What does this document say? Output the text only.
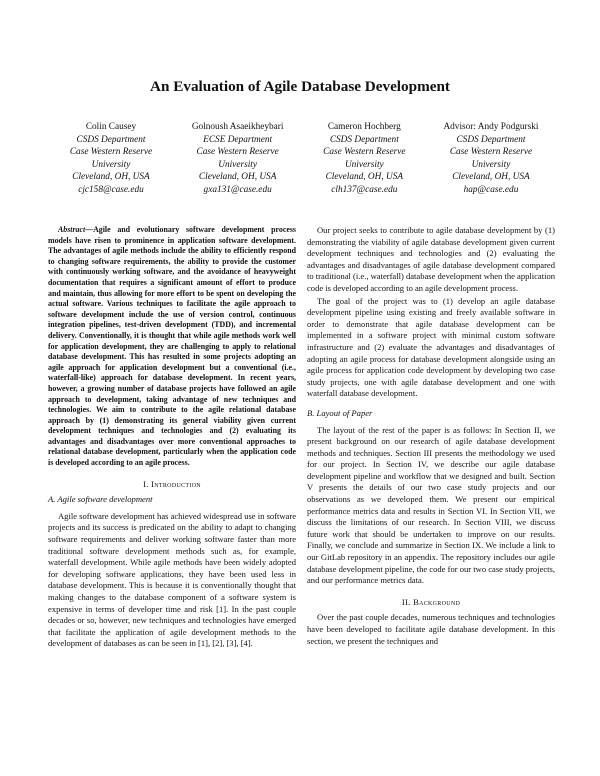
An Evaluation of Agile Database Development
Colin Causey
CSDS Department
Case Western Reserve
University
Cleveland, OH, USA
cjc158@case.edu
Golnoush Asaeikheybari
ECSE Department
Case Western Reserve
University
Cleveland, OH, USA
gxa131@case.edu
Cameron Hochberg
CSDS Department
Case Western Reserve
University
Cleveland, OH, USA
clh137@case.edu
Advisor: Andy Podgurski
CSDS Department
Case Western Reserve
University
Cleveland, OH, USA
hap@case.edu

Abstract—Agile and evolutionary software development process models have risen to prominence in application software development. The advantages of agile methods include the ability to efficiently respond to changing software requirements, the ability to provide the customer with continuously working software, and the avoidance of heavyweight documentation that requires a significant amount of effort to produce and maintain, thus allowing for more effort to be spent on developing the actual software. Various techniques to facilitate the agile approach to software development include the use of version control, continuous integration pipelines, test-driven development (TDD), and incremental delivery. Conventionally, it is thought that while agile methods work well for application development, they are challenging to apply to relational database development. This has resulted in some projects adopting an agile approach for application development but a conventional (i.e., waterfall-like) approach for database development. In recent years, however, a growing number of database projects have followed an agile approach to development, taking advantage of new techniques and technologies. We aim to contribute to the agile relational database approach by (1) demonstrating its general viability given current development techniques and technologies and (2) evaluating its advantages and disadvantages over more conventional approaches to relational database development, particularly when the application code is developed according to an agile process.

I. Introduction
A. Agile software development

Agile software development has achieved widespread use in software projects and its success is predicated on the ability to adapt to changing software requirements and deliver working software faster than more traditional software development methods such as, for example, waterfall development. While agile methods have been widely adopted for developing software applications, they have been used less in database development. This is because it is conventionally thought that making changes to the database component of a software system is expensive in terms of developer time and risk [1]. In the past couple decades or so, however, new techniques and technologies have emerged that facilitate the application of agile development methods to the development of databases as can be seen in [1], [2], [3], [4].

Our project seeks to contribute to agile database development by (1) demonstrating the viability of agile database development given current development techniques and technologies and (2) evaluating the advantages and disadvantages of agile database development compared to traditional (i.e., waterfall) database development when the application code is developed according to an agile development process.

The goal of the project was to (1) develop an agile database development pipeline using existing and freely available software in order to demonstrate that agile database development can be implemented in a software project with minimal custom software infrastructure and (2) evaluate the advantages and disadvantages of adopting an agile process for database development alongside using an agile process for application code development by developing two case study projects, one with agile database development and one with waterfall database development.

B. Layout of Paper

The layout of the rest of the paper is as follows: In Section II, we present background on our research of agile database development methods and techniques. Section III presents the methodology we used for our project. In Section IV, we describe our agile database development pipeline and workflow that we designed and built. Section V presents the details of our two case study projects and our observations as we developed them. We present our empirical performance metrics data and results in Section VI. In Section VII, we discuss the limitations of our research. In Section VIII, we discuss future work that should be undertaken to improve on our results. Finally, we conclude and summarize in Section IX. We include a link to our GitLab repository in an appendix. The repository includes our agile database development pipeline, the code for our two case study projects, and our performance metrics data.

II. Background

Over the past couple decades, numerous techniques and technologies have been developed to facilitate agile database development. In this section, we present the techniques and
